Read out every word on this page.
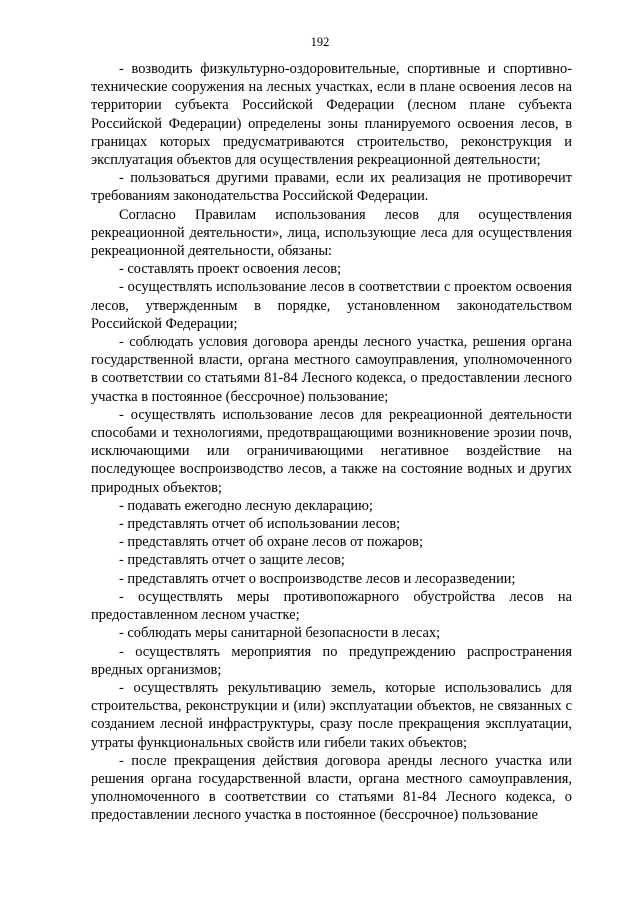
192

- возводить физкультурно-оздоровительные, спортивные и спортивно-технические сооружения на лесных участках, если в плане освоения лесов на территории субъекта Российской Федерации (лесном плане субъекта Российской Федерации) определены зоны планируемого освоения лесов, в границах которых предусматриваются строительство, реконструкция и эксплуатация объектов для осуществления рекреационной деятельности;

- пользоваться другими правами, если их реализация не противоречит требованиям законодательства Российской Федерации.

Согласно Правилам использования лесов для осуществления рекреационной деятельности», лица, использующие леса для осуществления рекреационной деятельности, обязаны:

- составлять проект освоения лесов;

- осуществлять использование лесов в соответствии с проектом освоения лесов, утвержденным в порядке, установленном законодательством Российской Федерации;

- соблюдать условия договора аренды лесного участка, решения органа государственной власти, органа местного самоуправления, уполномоченного в соответствии со статьями 81-84 Лесного кодекса, о предоставлении лесного участка в постоянное (бессрочное) пользование;

- осуществлять использование лесов для рекреационной деятельности способами и технологиями, предотвращающими возникновение эрозии почв, исключающими или ограничивающими негативное воздействие на последующее воспроизводство лесов, а также на состояние водных и других природных объектов;

- подавать ежегодно лесную декларацию;

- представлять отчет об использовании лесов;

- представлять отчет об охране лесов от пожаров;

- представлять отчет о защите лесов;

- представлять отчет о воспроизводстве лесов и лесоразведении;

- осуществлять меры противопожарного обустройства лесов на предоставленном лесном участке;

- соблюдать меры санитарной безопасности в лесах;

- осуществлять мероприятия по предупреждению распространения вредных организмов;

- осуществлять рекультивацию земель, которые использовались для строительства, реконструкции и (или) эксплуатации объектов, не связанных с созданием лесной инфраструктуры, сразу после прекращения эксплуатации, утраты функциональных свойств или гибели таких объектов;

- после прекращения действия договора аренды лесного участка или решения органа государственной власти, органа местного самоуправления, уполномоченного в соответствии со статьями 81-84 Лесного кодекса, о предоставлении лесного участка в постоянное (бессрочное) пользование
